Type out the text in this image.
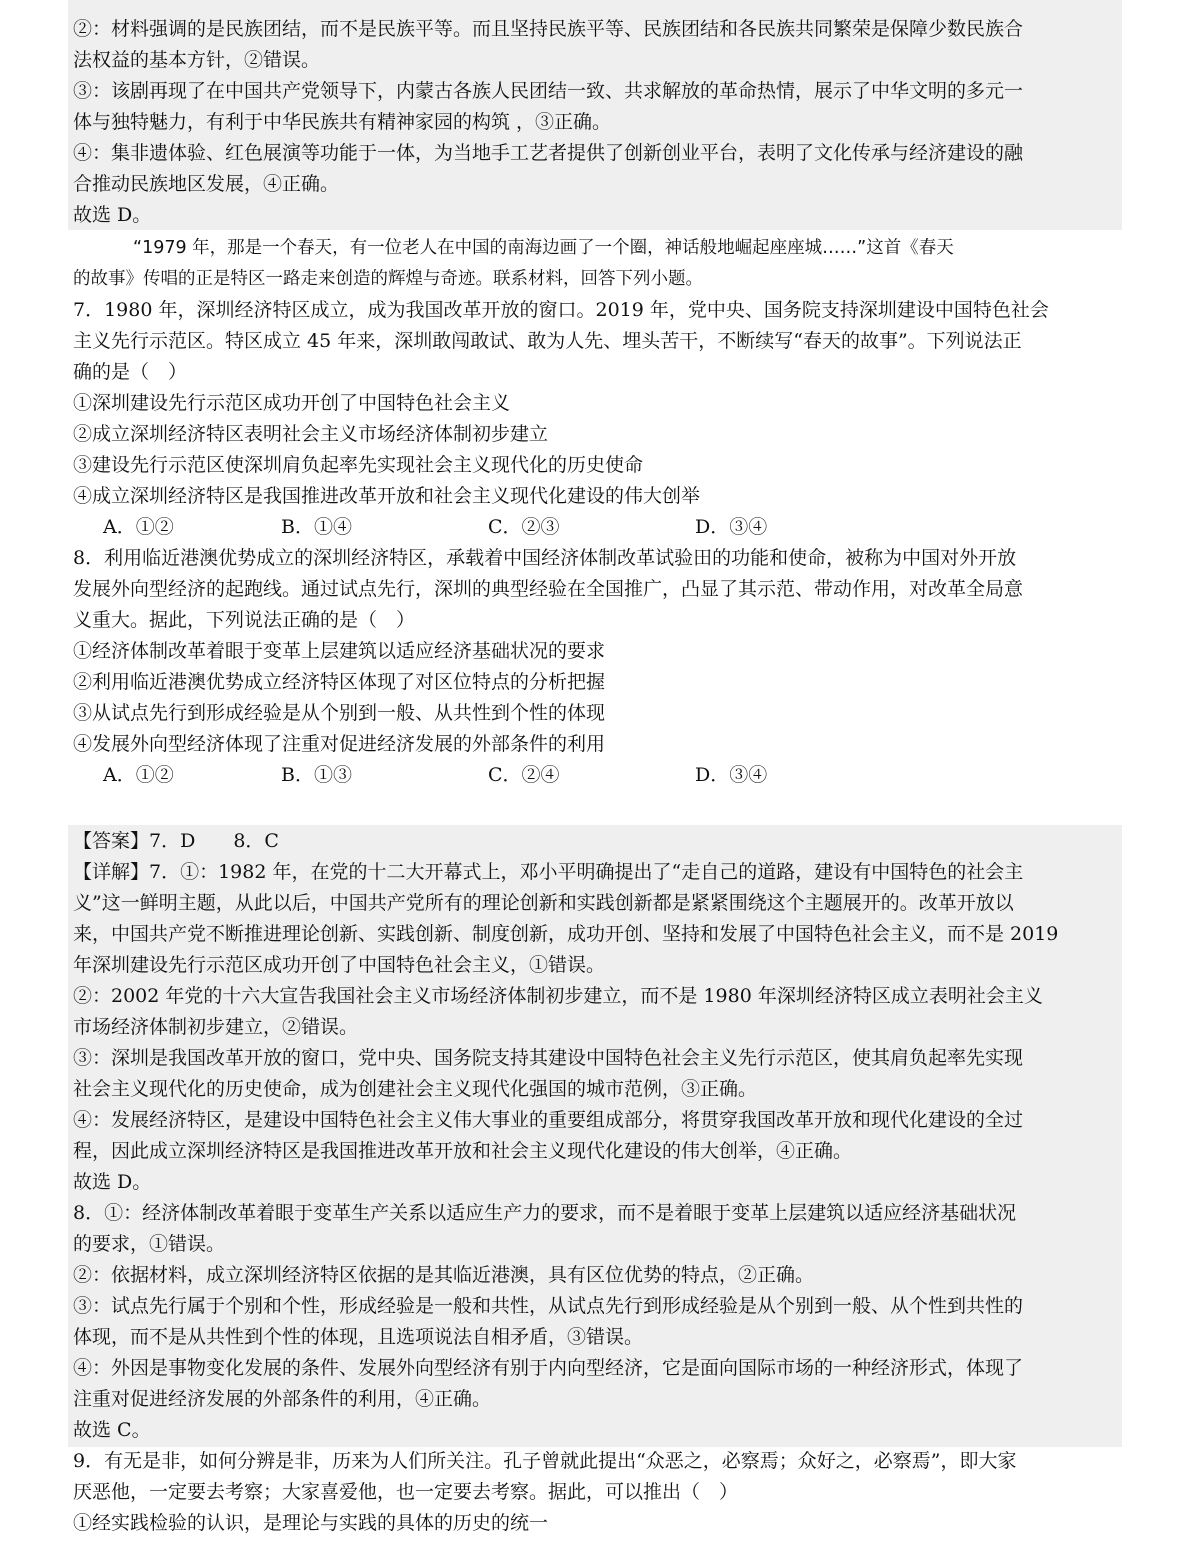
②：材料强调的是民族团结，而不是民族平等。而且坚持民族平等、民族团结和各民族共同繁荣是保障少数民族合
法权益的基本方针，②错误。
③：该剧再现了在中国共产党领导下，内蒙古各族人民团结一致、共求解放的革命热情，展示了中华文明的多元一
体与独特魅力，有利于中华民族共有精神家园的构筑 ，③正确。
④：集非遗体验、红色展演等功能于一体，为当地手工艺者提供了创新创业平台，表明了文化传承与经济建设的融
合推动民族地区发展，④正确。
故选 D。
“1979 年，那是一个春天，有一位老人在中国的南海边画了一个圈，神话般地崛起座座城……”这首《春天
的故事》传唱的正是特区一路走来创造的辉煌与奇迹。联系材料，回答下列小题。
7．1980 年，深圳经济特区成立，成为我国改革开放的窗口。2019 年，党中央、国务院支持深圳建设中国特色社会
主义先行示范区。特区成立 45 年来，深圳敢闯敢试、敢为人先、埋头苦干，不断续写“春天的故事”。下列说法正
确的是（　）
①深圳建设先行示范区成功开创了中国特色社会主义
②成立深圳经济特区表明社会主义市场经济体制初步建立
③建设先行示范区使深圳肩负起率先实现社会主义现代化的历史使命
④成立深圳经济特区是我国推进改革开放和社会主义现代化建设的伟大创举
A．①②	B．①④	C．②③	D．③④
8．利用临近港澳优势成立的深圳经济特区，承载着中国经济体制改革试验田的功能和使命，被称为中国对外开放
发展外向型经济的起跑线。通过试点先行，深圳的典型经验在全国推广，凸显了其示范、带动作用，对改革全局意
义重大。据此，下列说法正确的是（　）
①经济体制改革着眼于变革上层建筑以适应经济基础状况的要求
②利用临近港澳优势成立经济特区体现了对区位特点的分析把握
③从试点先行到形成经验是从个别到一般、从共性到个性的体现
④发展外向型经济体现了注重对促进经济发展的外部条件的利用
A．①②	B．①③	C．②④	D．③④
【答案】7．D　　8．C
【详解】7．①：1982 年，在党的十二大开幕式上，邓小平明确提出了“走自己的道路，建设有中国特色的社会主
义”这一鲜明主题，从此以后，中国共产党所有的理论创新和实践创新都是紧紧围绕这个主题展开的。改革开放以
来，中国共产党不断推进理论创新、实践创新、制度创新，成功开创、坚持和发展了中国特色社会主义，而不是 2019
年深圳建设先行示范区成功开创了中国特色社会主义，①错误。
②：2002 年党的十六大宣告我国社会主义市场经济体制初步建立，而不是 1980 年深圳经济特区成立表明社会主义
市场经济体制初步建立，②错误。
③：深圳是我国改革开放的窗口，党中央、国务院支持其建设中国特色社会主义先行示范区，使其肩负起率先实现
社会主义现代化的历史使命，成为创建社会主义现代化强国的城市范例，③正确。
④：发展经济特区，是建设中国特色社会主义伟大事业的重要组成部分，将贯穿我国改革开放和现代化建设的全过
程，因此成立深圳经济特区是我国推进改革开放和社会主义现代化建设的伟大创举，④正确。
故选 D。
8．①：经济体制改革着眼于变革生产关系以适应生产力的要求，而不是着眼于变革上层建筑以适应经济基础状况
的要求，①错误。
②：依据材料，成立深圳经济特区依据的是其临近港澳，具有区位优势的特点，②正确。
③：试点先行属于个别和个性，形成经验是一般和共性，从试点先行到形成经验是从个别到一般、从个性到共性的
体现，而不是从共性到个性的体现，且选项说法自相矛盾，③错误。
④：外因是事物变化发展的条件、发展外向型经济有别于内向型经济，它是面向国际市场的一种经济形式，体现了
注重对促进经济发展的外部条件的利用，④正确。
故选 C。
9．有无是非，如何分辨是非，历来为人们所关注。孔子曾就此提出“众恶之，必察焉；众好之，必察焉”，即大家
厌恶他，一定要去考察；大家喜爱他，也一定要去考察。据此，可以推出（　）
①经实践检验的认识，是理论与实践的具体的历史的统一
